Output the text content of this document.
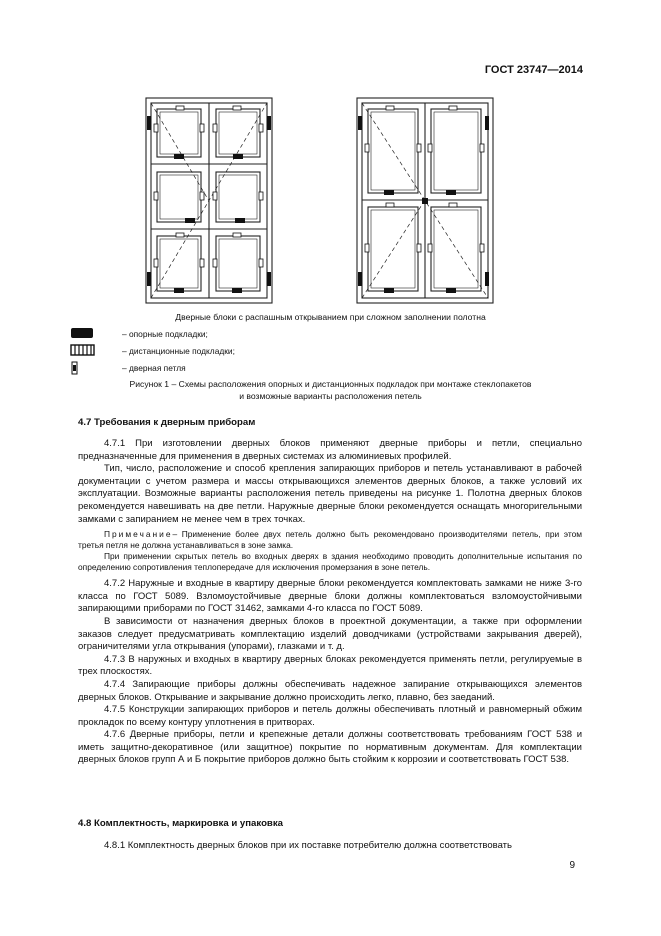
ГОСТ 23747—2014
Дверные блоки с распашным открыванием при сложном заполнении полотна
– опорные подкладки;
– дистанционные подкладки;
– дверная петля
Рисунок 1 – Схемы расположения опорных и дистанционных подкладок при монтаже стеклопакетов
и возможные варианты расположения петель
4.7 Требования к дверным приборам

4.7.1 При изготовлении дверных блоков применяют дверные приборы и петли, специально предназначенные для применения в дверных системах из алюминиевых профилей.

Тип, число, расположение и способ крепления запирающих приборов и петель устанавливают в рабочей документации с учетом размера и массы открывающихся элементов дверных блоков, а также условий их эксплуатации. Возможные варианты расположения петель приведены на рисунке 1. Полотна дверных блоков рекомендуется навешивать на две петли. Наружные дверные блоки рекомендуется оснащать многоригельными замками с запиранием не менее чем в трех точках.

Примечание– Применение более двух петель должно быть рекомендовано производителями петель, при этом третья петля не должна устанавливаться в зоне замка.

При применении скрытых петель во входных дверях в здания необходимо проводить дополнительные испытания по определению сопротивления теплопередаче для исключения промерзания в зоне петель.

4.7.2 Наружные и входные в квартиру дверные блоки рекомендуется комплектовать замками не ниже 3-го класса по ГОСТ 5089. Взломоустойчивые дверные блоки должны комплектоваться взломоустойчивыми запирающими приборами по ГОСТ 31462, замками 4-го класса по ГОСТ 5089.

В зависимости от назначения дверных блоков в проектной документации, а также при оформлении заказов следует предусматривать комплектацию изделий доводчиками (устройствами закрывания дверей), ограничителями угла открывания (упорами), глазками и т. д.

4.7.3 В наружных и входных в квартиру дверных блоках рекомендуется применять петли, регулируемые в трех плоскостях.

4.7.4 Запирающие приборы должны обеспечивать надежное запирание открывающихся элементов дверных блоков. Открывание и закрывание должно происходить легко, плавно, без заеданий.

4.7.5 Конструкции запирающих приборов и петель должны обеспечивать плотный и равномерный обжим прокладок по всему контуру уплотнения в притворах.

4.7.6 Дверные приборы, петли и крепежные детали должны соответствовать требованиям ГОСТ 538 и иметь защитно-декоративное (или защитное) покрытие по нормативным документам. Для комплектации дверных блоков групп А и Б покрытие приборов должно быть стойким к коррозии и соответствовать ГОСТ 538.

4.8 Комплектность, маркировка и упаковка

4.8.1 Комплектность дверных блоков при их поставке потребителю должна соответствовать

9
